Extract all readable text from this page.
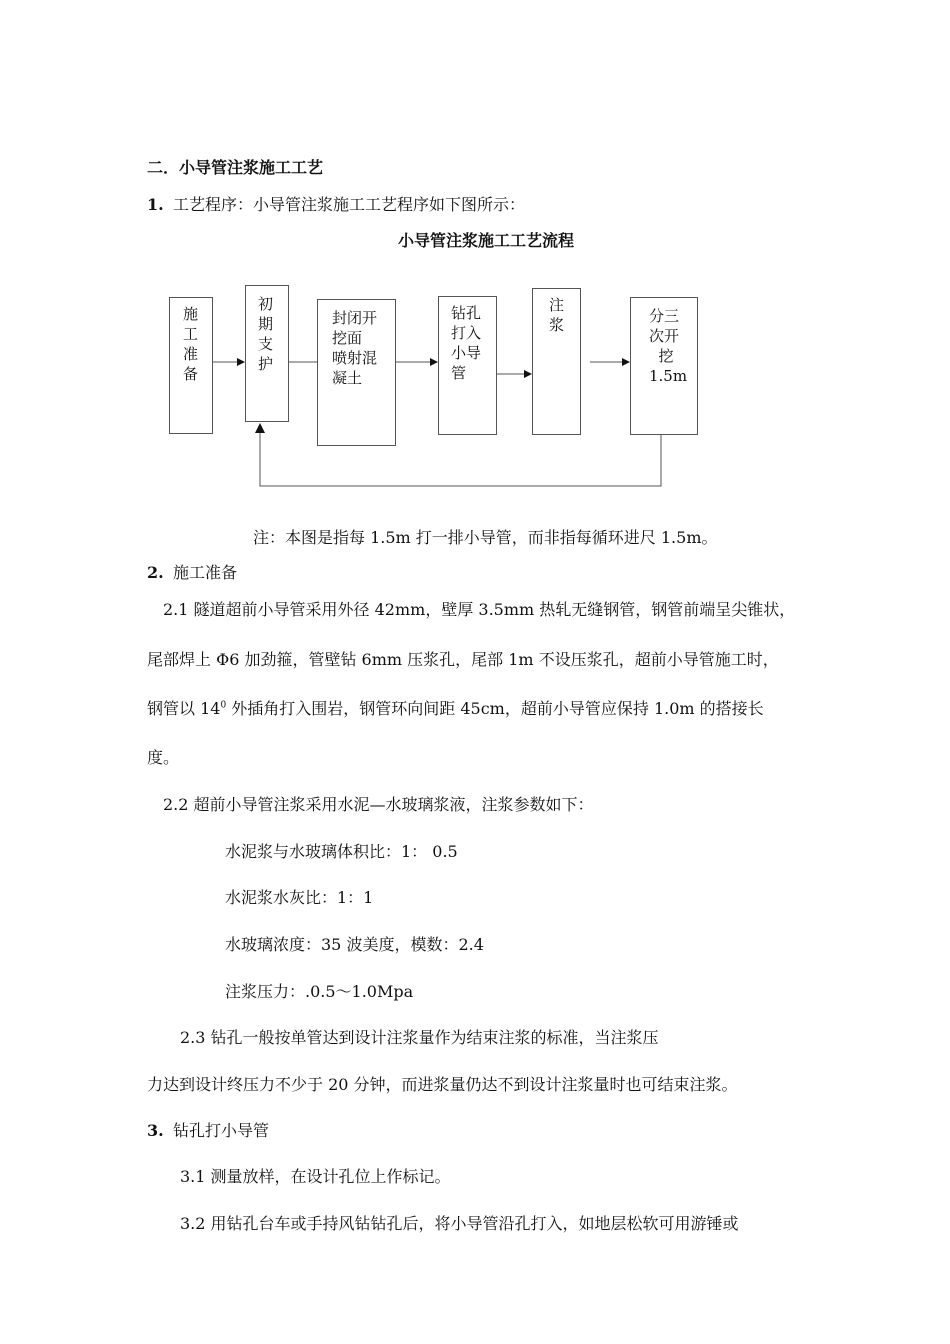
二．小导管注浆施工工艺
1. 工艺程序：小导管注浆施工工艺程序如下图所示：
小导管注浆施工工艺流程
施
工
准
备
初
期
支
护
封闭开
挖面
喷射混
凝土
钻孔
打入
小导
管
注
浆	分三
次开
挖
1.5m
注：本图是指每 1.5m 打一排小导管，而非指每循环进尺 1.5m。
2. 施工准备
2.1 隧道超前小导管采用外径 42mm，壁厚 3.5mm 热轧无缝钢管，钢管前端呈尖锥状，
尾部焊上 Φ6 加劲箍，管壁钻 6mm 压浆孔，尾部 1m 不设压浆孔，超前小导管施工时，
钢管以 $14^0$ 外插角打入围岩，钢管环向间距 45cm，超前小导管应保持 1.0m 的搭接长
度。
2.2 超前小导管注浆采用水泥—水玻璃浆液，注浆参数如下：
水泥浆与水玻璃体积比：1： 0.5
水泥浆水灰比：1：1
水玻璃浓度：35 波美度，模数：2.4
注浆压力：.0.5～1.0Mpa
2.3 钻孔一般按单管达到设计注浆量作为结束注浆的标准，当注浆压
力达到设计终压力不少于 20 分钟，而进浆量仍达不到设计注浆量时也可结束注浆。
3. 钻孔打小导管
3.1 测量放样，在设计孔位上作标记。
3.2 用钻孔台车或手持风钻钻孔后，将小导管沿孔打入，如地层松软可用游锤或
